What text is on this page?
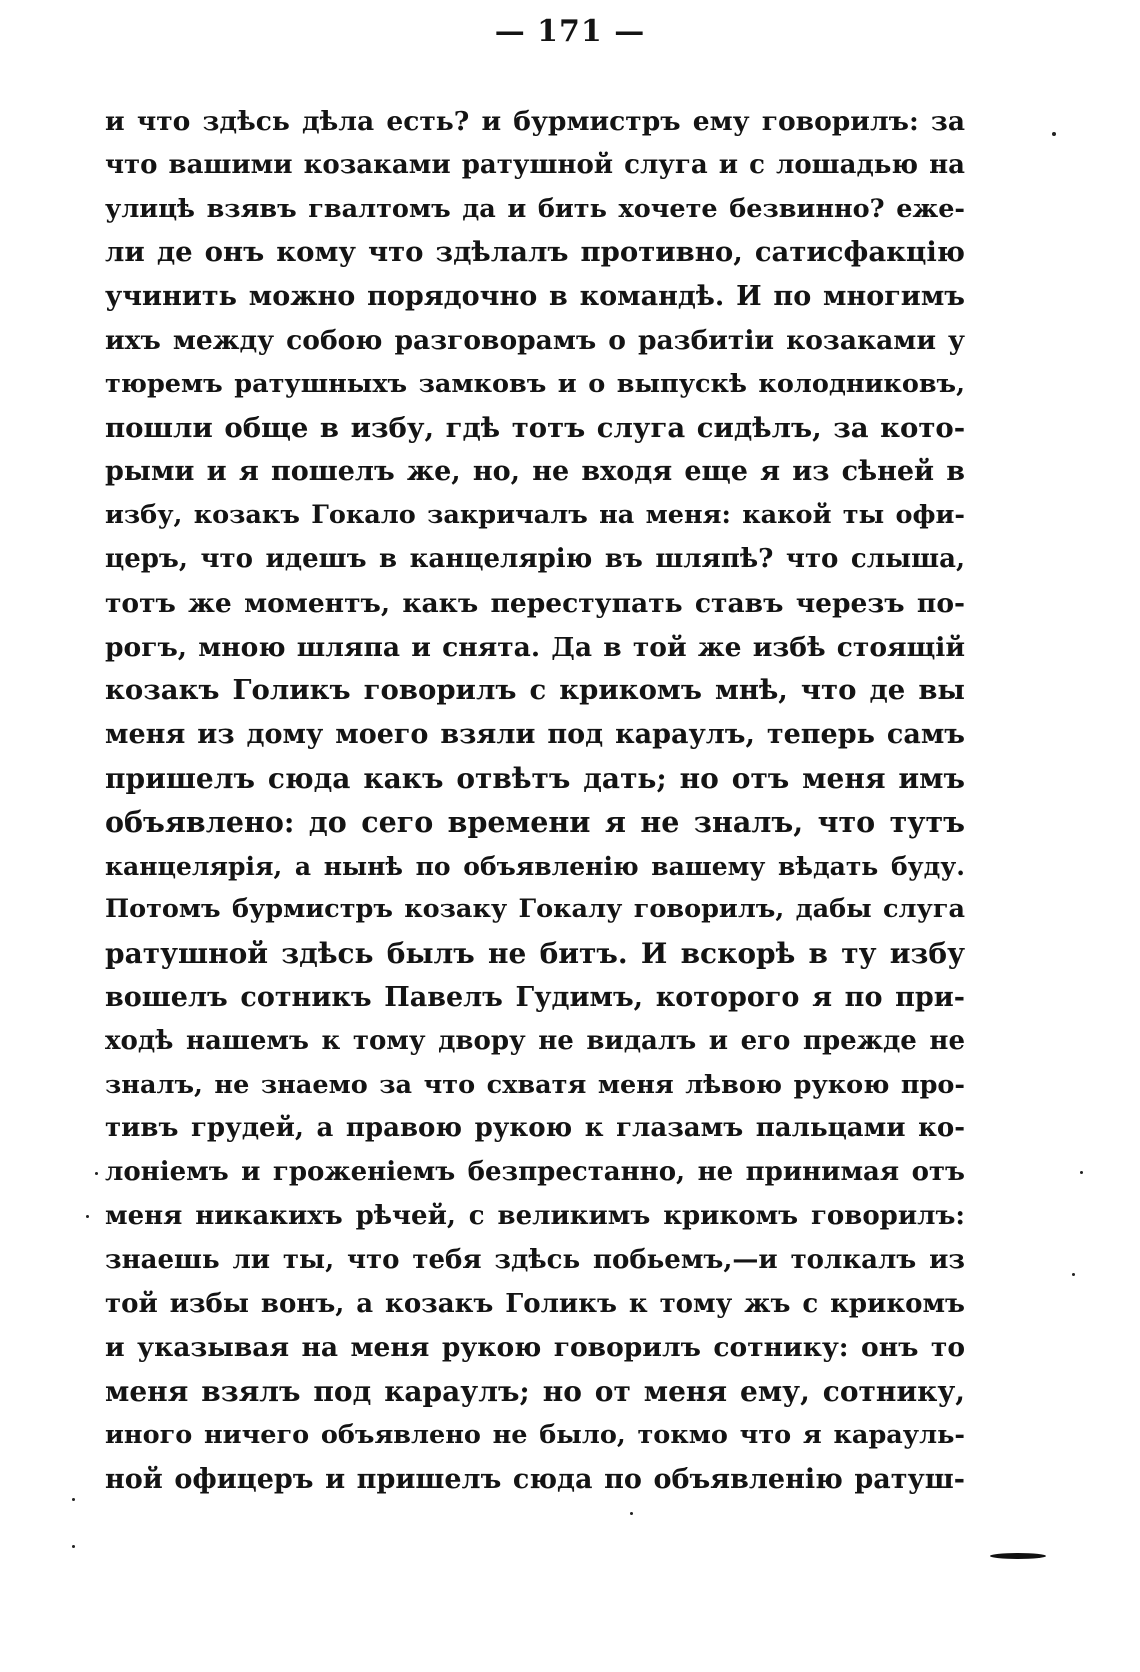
— 171 —
и что здѣсь дѣла есть? и бурмистръ ему говорилъ: за
что вашими козаками ратушной слуга и с лошадью на
улицѣ взявъ гвалтомъ да и бить хочете безвинно? еже-
ли де онъ кому что здѣлалъ противно, сатисфакцію
учинить можно порядочно в командѣ. И по многимъ
ихъ между собою разговорамъ о разбитіи козаками у
тюремъ ратушныхъ замковъ и о выпускѣ колодниковъ,
пошли обще в избу, гдѣ тотъ слуга сидѣлъ, за кото-
рыми и я пошелъ же, но, не входя еще я из сѣней в
избу, козакъ Гокало закричалъ на меня: какой ты офи-
церъ, что идешъ в канцелярію въ шляпѣ? что слыша,
тотъ же моментъ, какъ переступать ставъ черезъ по-
рогъ, мною шляпа и снята. Да в той же избѣ стоящій
козакъ Голикъ говорилъ с крикомъ мнѣ, что де вы
меня из дому моего взяли под караулъ, теперь самъ
пришелъ сюда какъ отвѣтъ дать; но отъ меня имъ
объявлено: до сего времени я не зналъ, что тутъ
канцелярія, а нынѣ по объявленію вашему вѣдать буду.
Потомъ бурмистръ козаку Гокалу говорилъ, дабы слуга
ратушной здѣсь былъ не битъ. И вскорѣ в ту избу
вошелъ сотникъ Павелъ Гудимъ, которого я по при-
ходѣ нашемъ к тому двору не видалъ и его прежде не
зналъ, не знаемо за что схватя меня лѣвою рукою про-
тивъ грудей, а правою рукою к глазамъ пальцами ко-
лоніемъ и гроженіемъ безпрестанно, не принимая отъ
меня никакихъ рѣчей, с великимъ крикомъ говорилъ:
знаешь ли ты, что тебя здѣсь побьемъ,—и толкалъ из
той избы вонъ, а козакъ Голикъ к тому жъ с крикомъ
и указывая на меня рукою говорилъ сотнику: онъ то
меня взялъ под караулъ; но от меня ему, сотнику,
иного ничего объявлено не было, токмо что я карауль-
ной офицеръ и пришелъ сюда по объявленію ратуш-
